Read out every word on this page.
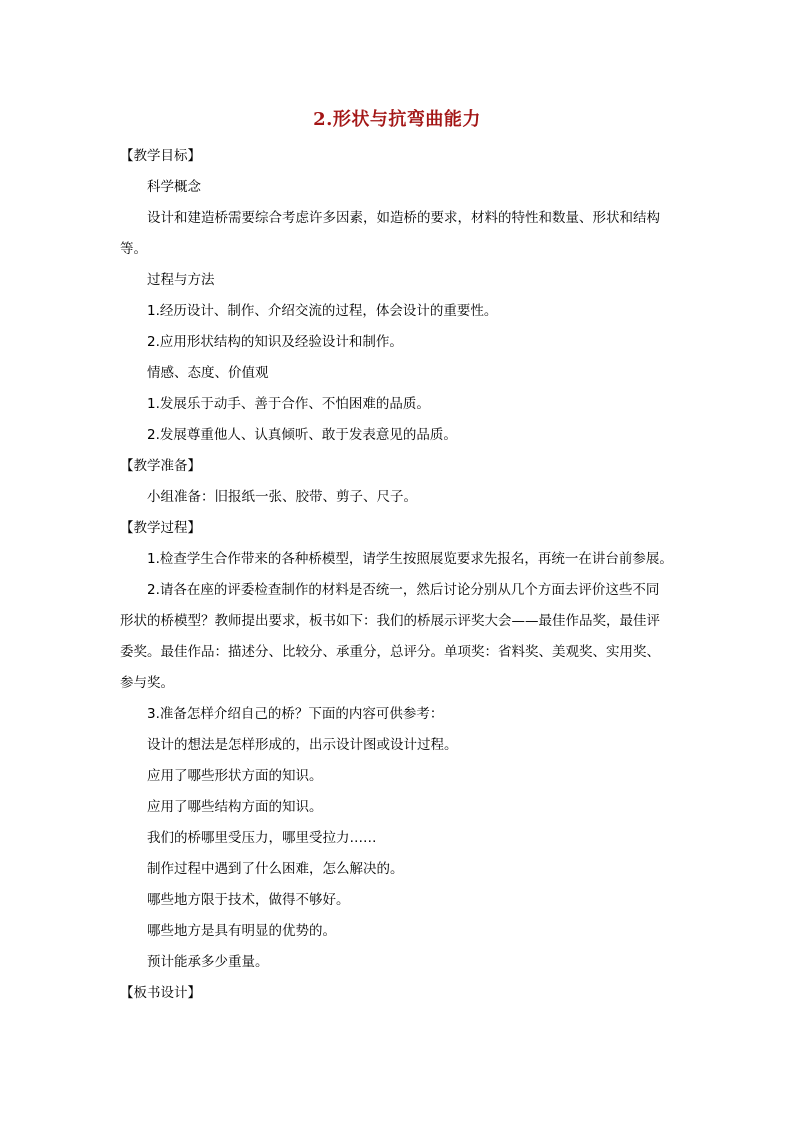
2.形状与抗弯曲能力
【教学目标】
科学概念
设计和建造桥需要综合考虑许多因素，如造桥的要求，材料的特性和数量、形状和结构
等。
过程与方法
1.经历设计、制作、介绍交流的过程，体会设计的重要性。
2.应用形状结构的知识及经验设计和制作。
情感、态度、价值观
1.发展乐于动手、善于合作、不怕困难的品质。
2.发展尊重他人、认真倾听、敢于发表意见的品质。
【教学准备】
小组准备：旧报纸一张、胶带、剪子、尺子。
【教学过程】
1.检查学生合作带来的各种桥模型，请学生按照展览要求先报名，再统一在讲台前参展。
2.请各在座的评委检查制作的材料是否统一，然后讨论分别从几个方面去评价这些不同
形状的桥模型？教师提出要求，板书如下：我们的桥展示评奖大会——最佳作品奖，最佳评
委奖。最佳作品：描述分、比较分、承重分，总评分。单项奖：省料奖、美观奖、实用奖、
参与奖。
3.准备怎样介绍自己的桥？下面的内容可供参考：
设计的想法是怎样形成的，出示设计图或设计过程。
应用了哪些形状方面的知识。
应用了哪些结构方面的知识。
我们的桥哪里受压力，哪里受拉力……
制作过程中遇到了什么困难，怎么解决的。
哪些地方限于技术，做得不够好。
哪些地方是具有明显的优势的。
预计能承多少重量。
【板书设计】
